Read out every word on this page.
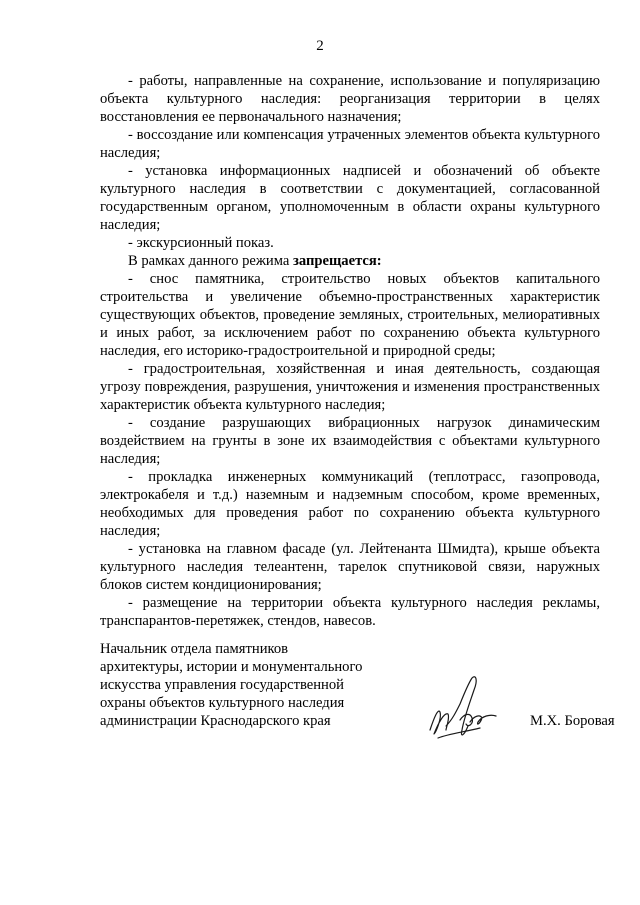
2

- работы, направленные на сохранение, использование и популяризацию объекта культурного наследия: реорганизация территории в целях восстановления ее первоначального назначения;

- воссоздание или компенсация утраченных элементов объекта культурного наследия;

- установка информационных надписей и обозначений об объекте культурного наследия в соответствии с документацией, согласованной государственным органом, уполномоченным в области охраны культурного наследия;

- экскурсионный показ.

В рамках данного режима запрещается:

- снос памятника, строительство новых объектов капитального строительства и увеличение объемно-пространственных характеристик существующих объектов, проведение земляных, строительных, мелиоративных и иных работ, за исключением работ по сохранению объекта культурного наследия, его историко-градостроительной и природной среды;

- градостроительная, хозяйственная и иная деятельность, создающая угрозу повреждения, разрушения, уничтожения и изменения пространственных характеристик объекта культурного наследия;

- создание разрушающих вибрационных нагрузок динамическим воздействием на грунты в зоне их взаимодействия с объектами культурного наследия;

- прокладка инженерных коммуникаций (теплотрасс, газопровода, электрокабеля и т.д.) наземным и надземным способом, кроме временных, необходимых для проведения работ по сохранению объекта культурного наследия;

- установка на главном фасаде (ул. Лейтенанта Шмидта), крыше объекта культурного наследия телеантенн, тарелок спутниковой связи, наружных блоков систем кондиционирования;

- размещение на территории объекта культурного наследия рекламы, транспарантов-перетяжек, стендов, навесов.

Начальник отдела памятников
архитектуры, истории и монументального
искусства управления государственной
охраны объектов культурного наследия
администрации Краснодарского края	М.Х. Боровая
